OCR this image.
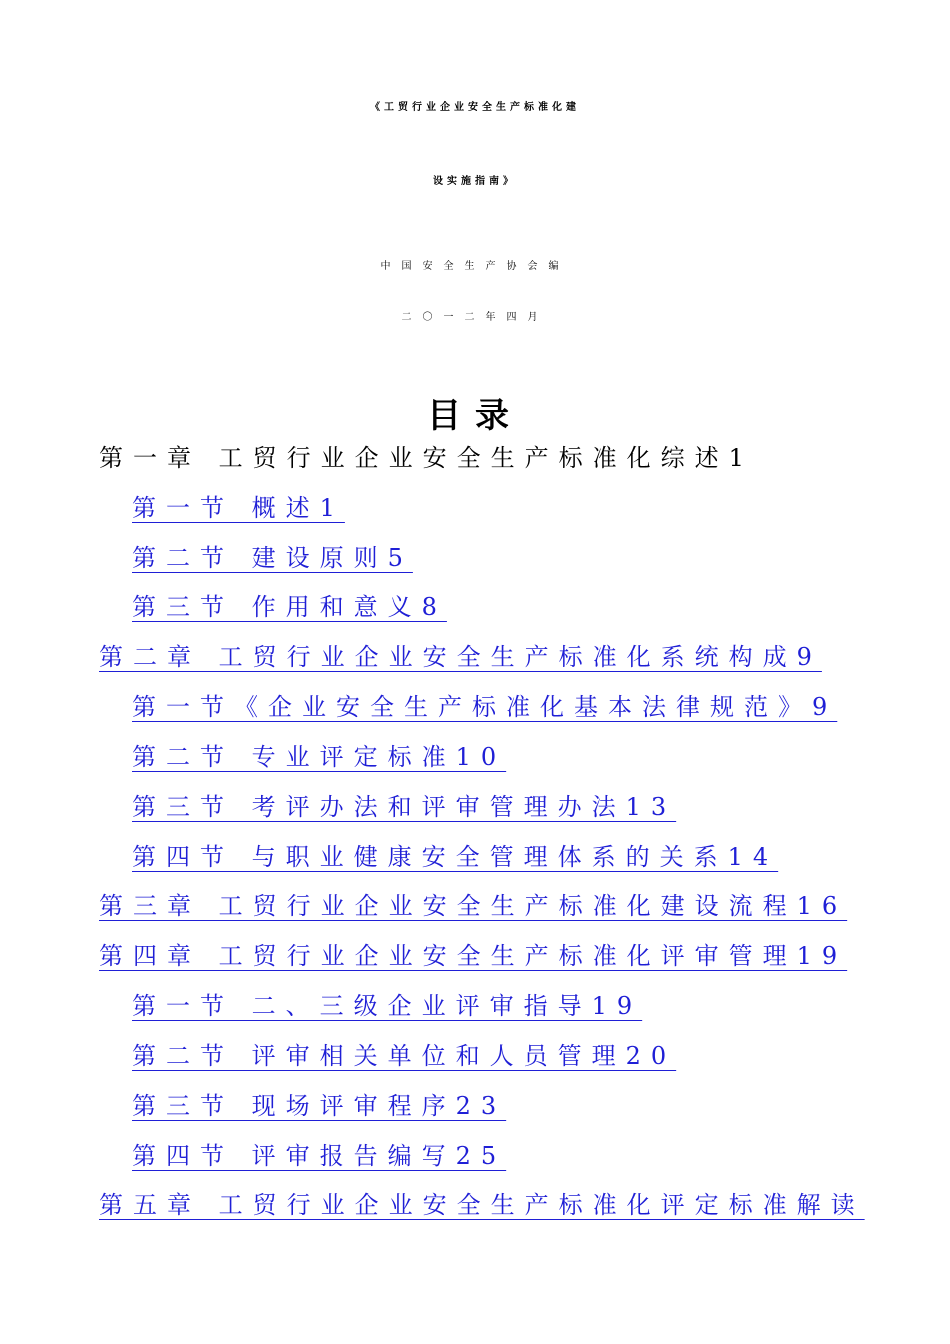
《工贸行业企业安全生产标准化建
设实施指南》
中国安全生产协会编
二〇一二年四月
目录
第一章 工贸行业企业安全生产标准化综述1
第一节 概述1
第二节 建设原则5
第三节 作用和意义8
第二章 工贸行业企业安全生产标准化系统构成9
第一节《企业安全生产标准化基本法律规范》9
第二节 专业评定标准10
第三节 考评办法和评审管理办法13
第四节 与职业健康安全管理体系的关系14
第三章 工贸行业企业安全生产标准化建设流程16
第四章 工贸行业企业安全生产标准化评审管理19
第一节 二、三级企业评审指导19
第二节 评审相关单位和人员管理20
第三节 现场评审程序23
第四节 评审报告编写25
第五章 工贸行业企业安全生产标准化评定标准解读
